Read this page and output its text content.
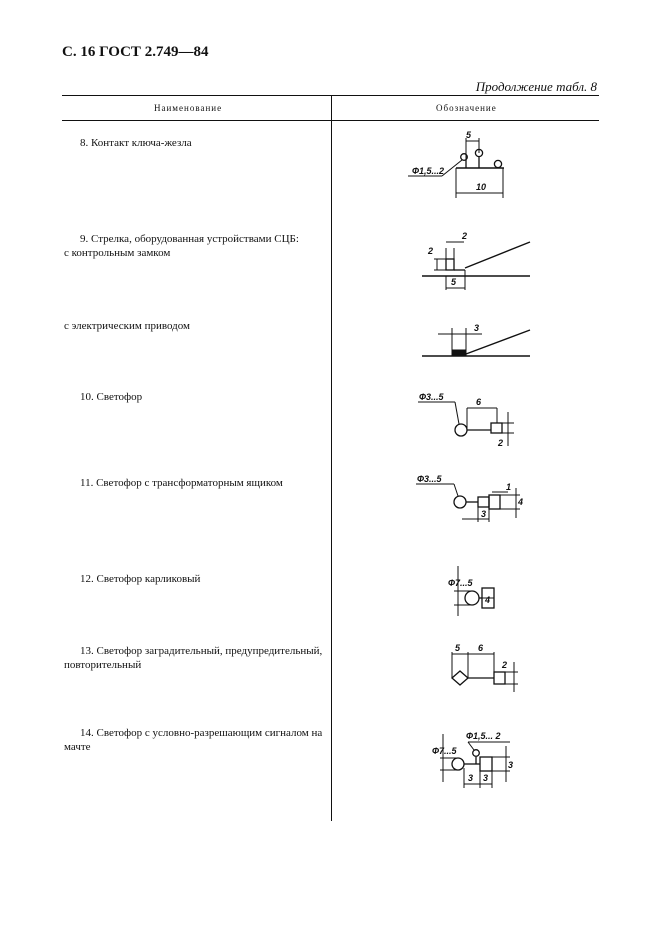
С. 16 ГОСТ 2.749—84
Продолжение табл. 8
Наименование	Обозначение
8. Контакт ключа-жезла
5
Ф1,5...2
10
9. Стрелка, оборудованная устройствами СЦБ:
с контрольным замком	2
2
5
с электрическим приводом	3
10. Светофор	Ф3...5	6
2
11. Светофор с трансформаторным ящиком	Ф3...5
1
3
4
12. Светофор карликовый	Ф7...5
4
13. Светофор заградительный, предупредительный, повторительный
5 6
2
14. Светофор с условно-разрешающим сигналом на мачте	Ф7...5
Ф1,5... 2
3 3
3
